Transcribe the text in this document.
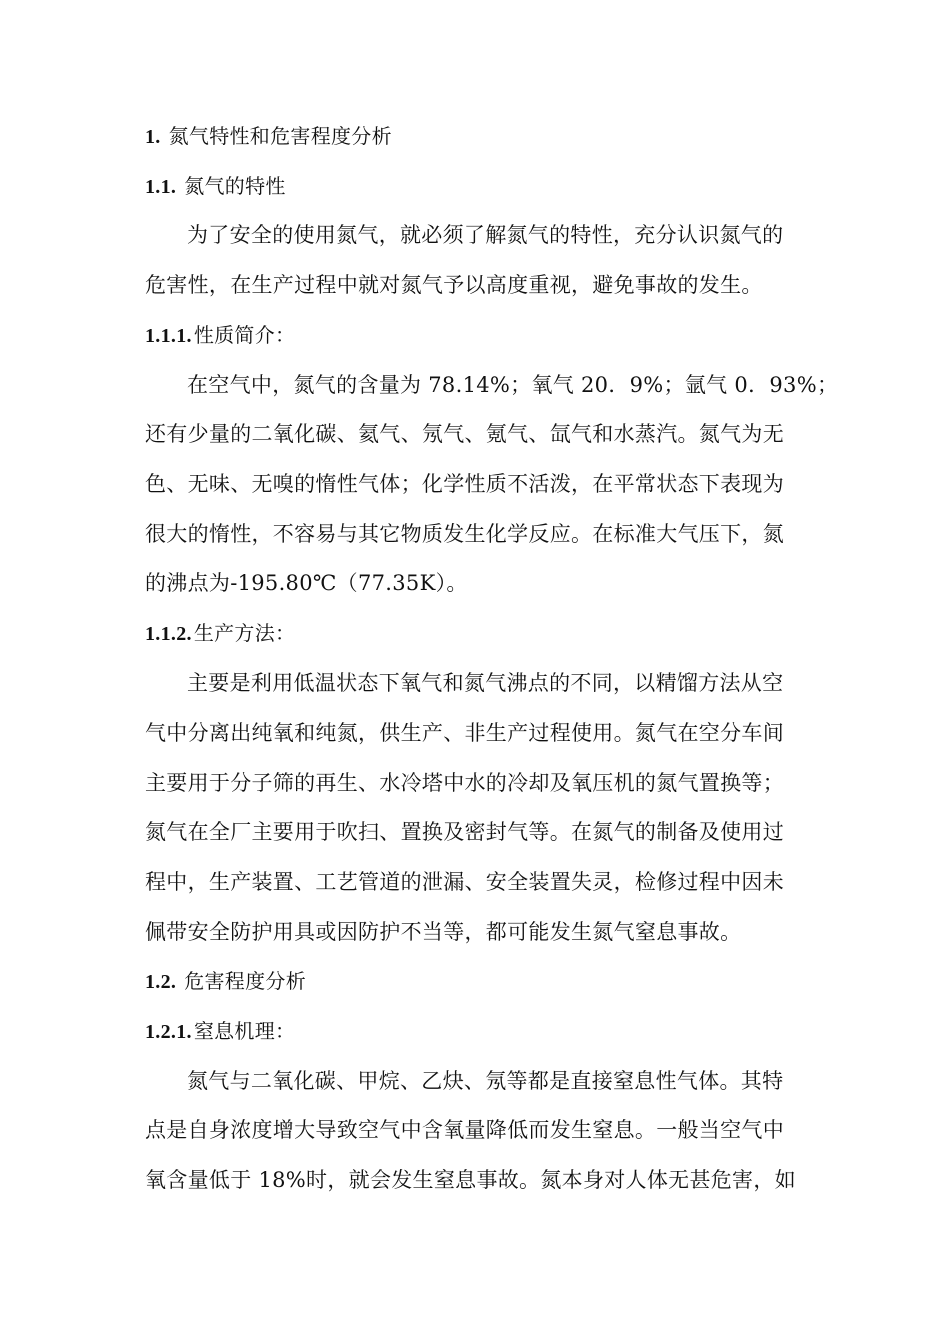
1. 氮气特性和危害程度分析
1.1. 氮气的特性
为了安全的使用氮气，就必须了解氮气的特性，充分认识氮气的
危害性，在生产过程中就对氮气予以高度重视，避免事故的发生。
1.1.1. 性质简介：
在空气中，氮气的含量为 78.14%；氧气 20．9%；氩气 0．93%；
还有少量的二氧化碳、氦气、氖气、氪气、氙气和水蒸汽。氮气为无
色、无味、无嗅的惰性气体；化学性质不活泼，在平常状态下表现为
很大的惰性，不容易与其它物质发生化学反应。在标准大气压下，氮
的沸点为-195.80℃（77.35K）。
1.1.2. 生产方法：
主要是利用低温状态下氧气和氮气沸点的不同，以精馏方法从空
气中分离出纯氧和纯氮，供生产、非生产过程使用。氮气在空分车间
主要用于分子筛的再生、水冷塔中水的冷却及氧压机的氮气置换等；
氮气在全厂主要用于吹扫、置换及密封气等。在氮气的制备及使用过
程中，生产装置、工艺管道的泄漏、安全装置失灵，检修过程中因未
佩带安全防护用具或因防护不当等，都可能发生氮气窒息事故。
1.2. 危害程度分析
1.2.1. 窒息机理：
氮气与二氧化碳、甲烷、乙炔、氖等都是直接窒息性气体。其特
点是自身浓度增大导致空气中含氧量降低而发生窒息。一般当空气中
氧含量低于 18%时，就会发生窒息事故。氮本身对人体无甚危害，如
